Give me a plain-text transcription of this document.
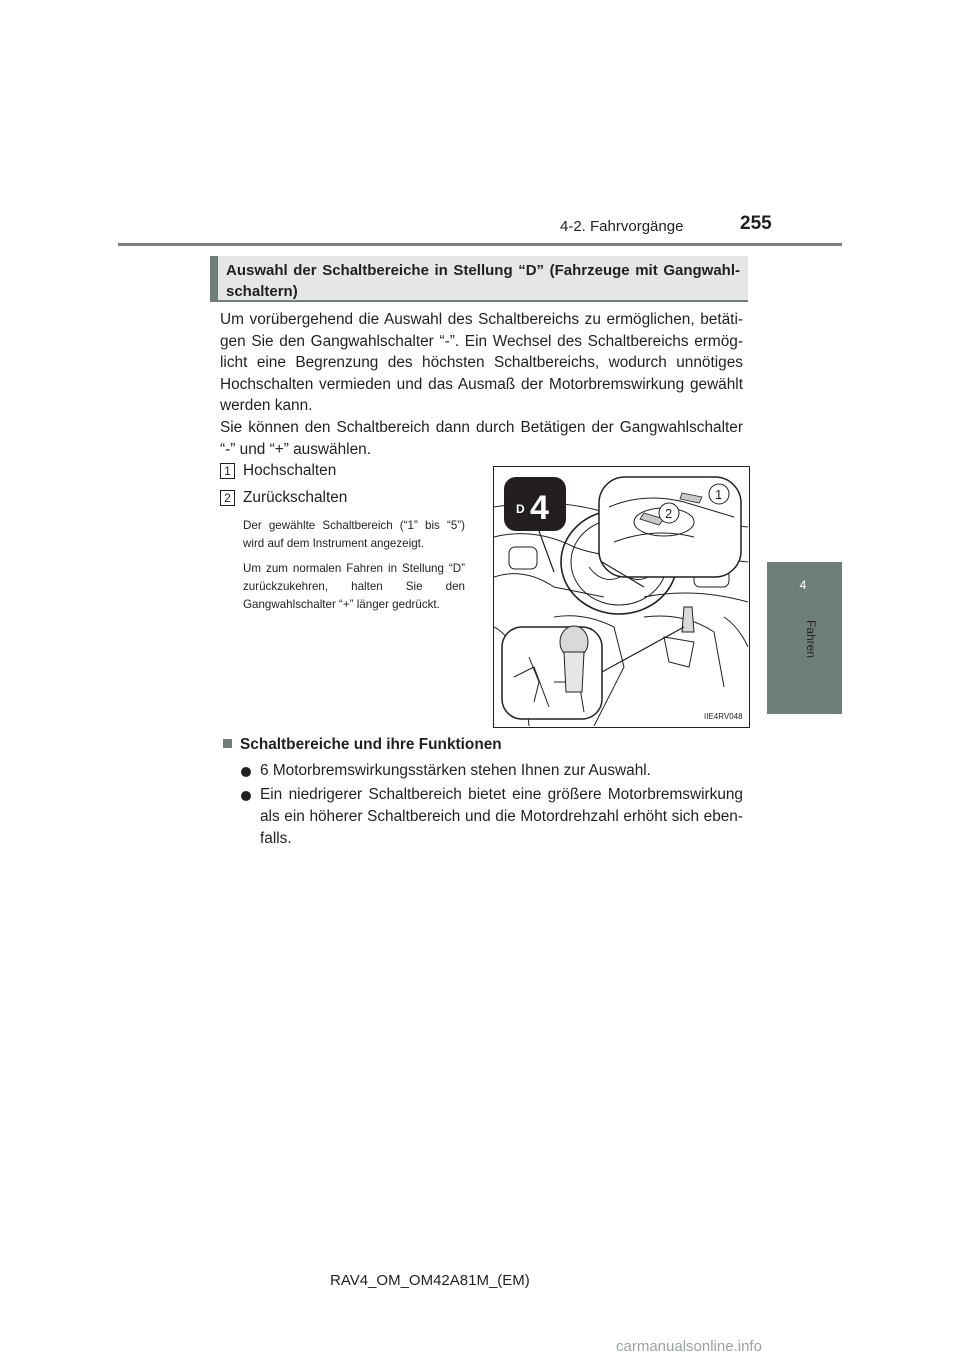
4-2. Fahrvorgänge	255
4
Fahren
Auswahl der Schaltbereiche in Stellung “D” (Fahrzeuge mit Gangwahl-schaltern)
Um vorübergehend die Auswahl des Schaltbereichs zu ermöglichen, betäti-gen Sie den Gangwahlschalter “-”. Ein Wechsel des Schaltbereichs ermög-licht eine Begrenzung des höchsten Schaltbereichs, wodurch unnötiges Hochschalten vermieden und das Ausmaß der Motorbremswirkung gewählt werden kann.
Sie können den Schaltbereich dann durch Betätigen der Gangwahlschalter “-” und “+” auswählen.
1 Hochschalten
2 Zurückschalten
Der gewählte Schaltbereich (“1” bis “5”) wird auf dem Instrument angezeigt.
Um zum normalen Fahren in Stellung “D” zurückzukehren, halten Sie den Gangwahlschalter “+” länger gedrückt.
D 4	1
2
IIE4RV048
Schaltbereiche und ihre Funktionen
6 Motorbremswirkungsstärken stehen Ihnen zur Auswahl.
Ein niedrigerer Schaltbereich bietet eine größere Motorbremswirkung als ein höherer Schaltbereich und die Motordrehzahl erhöht sich eben-falls.
RAV4_OM_OM42A81M_(EM)
carmanualsonline.info
